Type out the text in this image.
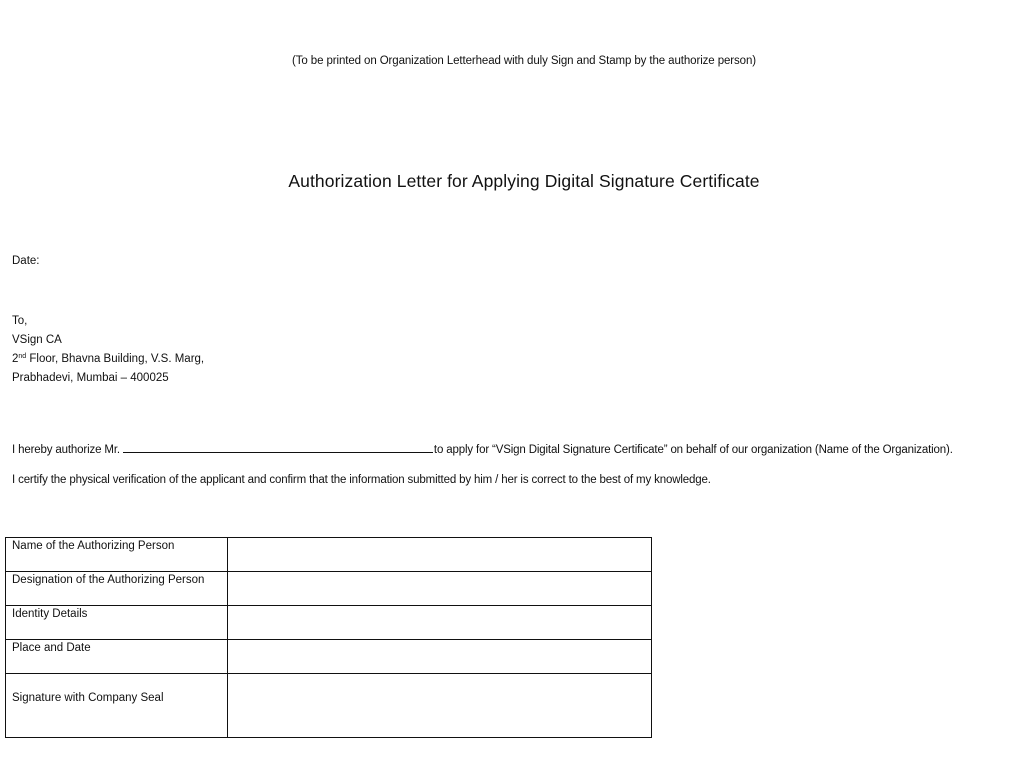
(To be printed on Organization Letterhead with duly Sign and Stamp by the authorize person)
Authorization Letter for Applying Digital Signature Certificate
Date:
To,
VSign CA
2nd Floor, Bhavna Building, V.S. Marg,
Prabhadevi, Mumbai – 400025
I hereby authorize Mr.	to apply for “VSign Digital Signature Certificate” on behalf of our organization (Name of the Organization).
I certify the physical verification of the applicant and confirm that the information submitted by him / her is correct to the best of my knowledge.
Name of the Authorizing Person	
Designation of the Authorizing Person	
Identity Details	
Place and Date	
Signature with Company Seal	
